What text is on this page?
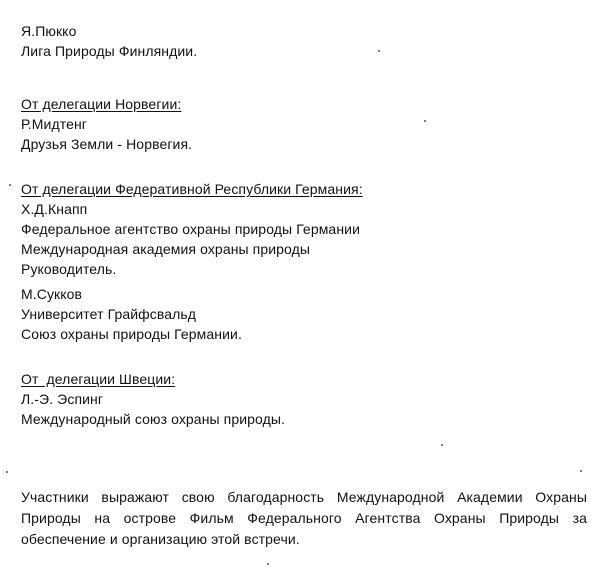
Я.Пюкко
Лига Природы Финляндии.
От делегации Норвегии:
Р.Мидтенг
Друзья Земли - Норвегия.
От делегации Федеративной Республики Германия:
Х.Д.Кнапп
Федеральное агентство охраны природы Германии
Международная академия охраны природы
Руководитель.
М.Сукков
Университет Грайфсвальд
Союз охраны природы Германии.
От  делегации Швеции:
Л.-Э. Эспинг
Международный союз охраны природы.
Участники выражают свою благодарность Международной Академии Охраны Природы на острове Фильм Федерального Агентства Охраны Природы за обеспечение и организацию этой встречи.
